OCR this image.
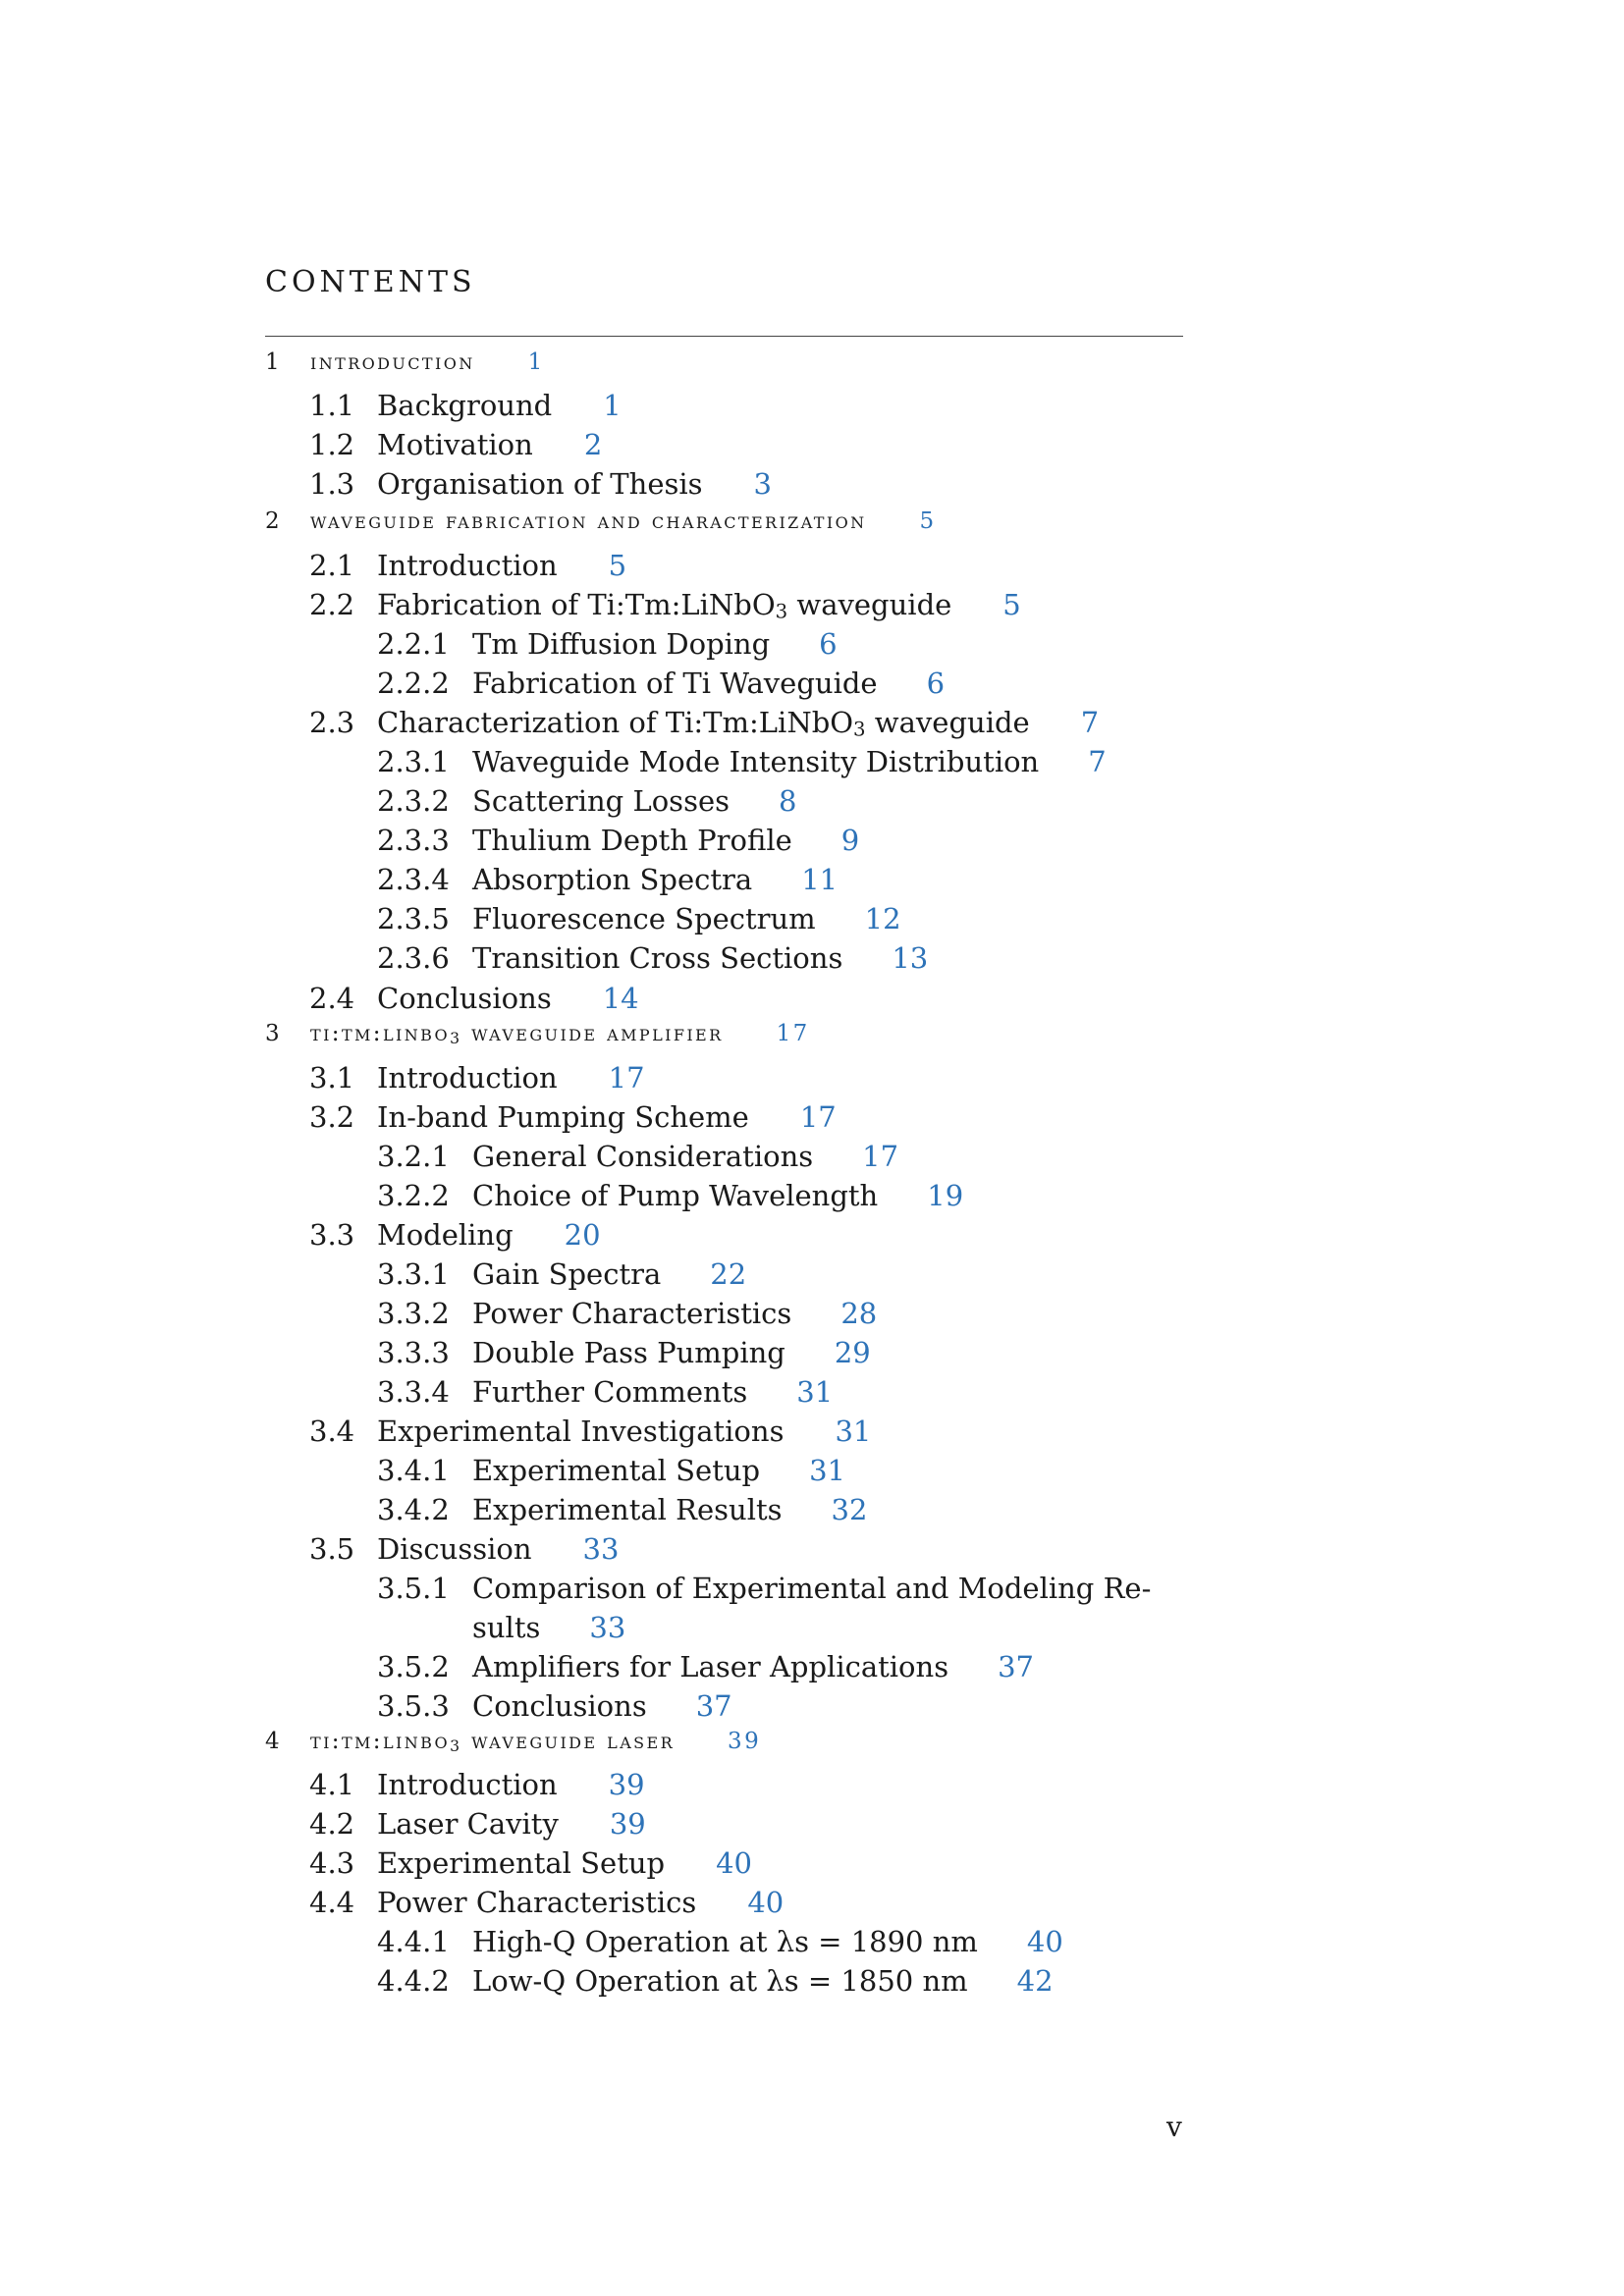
CONTENTS
1 introduction 1
1.1 Background 1
1.2 Motivation 2
1.3 Organisation of Thesis 3
2 waveguide fabrication and characterization 5
2.1 Introduction 5
2.2 Fabrication of Ti:Tm:LiNbO3 waveguide 5
2.2.1 Tm Diffusion Doping 6
2.2.2 Fabrication of Ti Waveguide 6
2.3 Characterization of Ti:Tm:LiNbO3 waveguide 7
2.3.1 Waveguide Mode Intensity Distribution 7
2.3.2 Scattering Losses 8
2.3.3 Thulium Depth Profile 9
2.3.4 Absorption Spectra 11
2.3.5 Fluorescence Spectrum 12
2.3.6 Transition Cross Sections 13
2.4 Conclusions 14
3 ti:tm:linbo3 waveguide amplifier 17
3.1 Introduction 17
3.2 In-band Pumping Scheme 17
3.2.1 General Considerations 17
3.2.2 Choice of Pump Wavelength 19
3.3 Modeling 20
3.3.1 Gain Spectra 22
3.3.2 Power Characteristics 28
3.3.3 Double Pass Pumping 29
3.3.4 Further Comments 31
3.4 Experimental Investigations 31
3.4.1 Experimental Setup 31
3.4.2 Experimental Results 32
3.5 Discussion 33
3.5.1 Comparison of Experimental and Modeling Re-
33
sults
3.5.2 Amplifiers for Laser Applications 37
3.5.3 Conclusions 37
4 ti:tm:linbo3 waveguide laser 39
4.1 Introduction 39
4.2 Laser Cavity 39
4.3 Experimental Setup 40
4.4 Power Characteristics 40
4.4.1 High-Q Operation at λs = 1890 nm 40
4.4.2 Low-Q Operation at λs = 1850 nm 42
v
